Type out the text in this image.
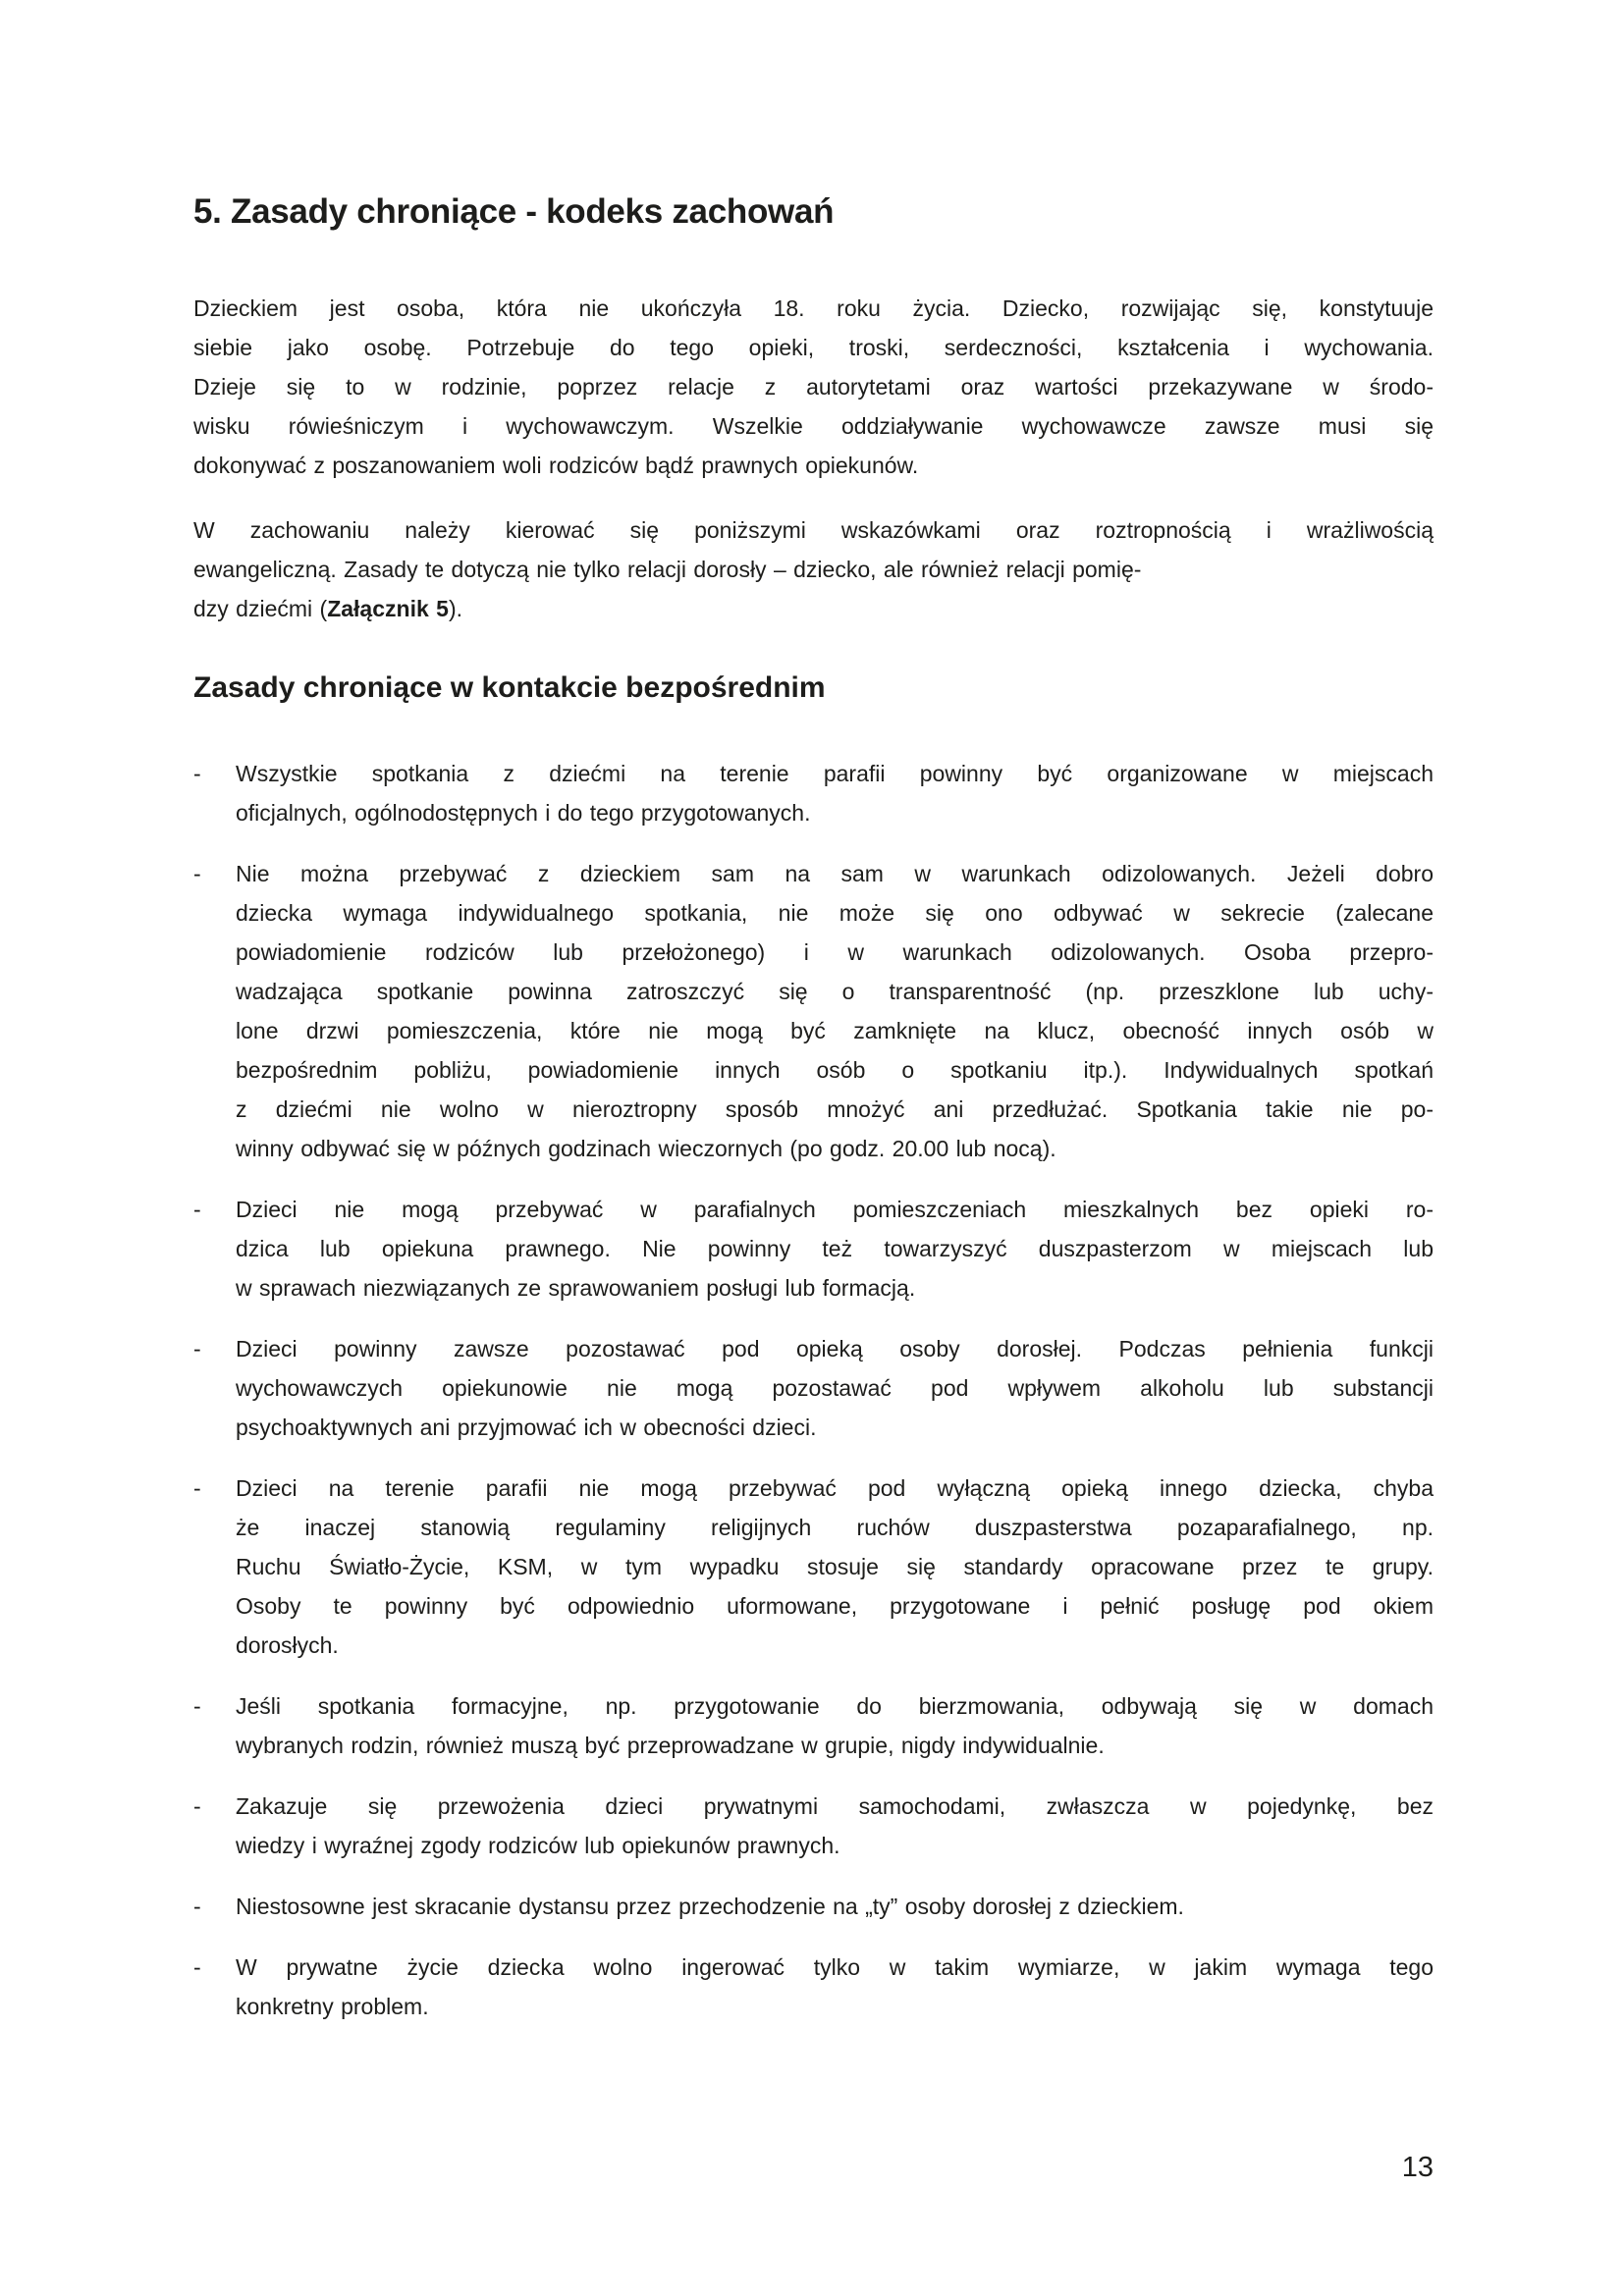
5. Zasady chroniące - kodeks zachowań
Dzieckiem jest osoba, która nie ukończyła 18. roku życia. Dziecko, rozwijając się, konstytuuje
siebie jako osobę. Potrzebuje do tego opieki, troski, serdeczności, kształcenia i wychowania.
Dzieje się to w rodzinie, poprzez relacje z autorytetami oraz wartości przekazywane w środo-
wisku rówieśniczym i wychowawczym. Wszelkie oddziaływanie wychowawcze zawsze musi się
dokonywać z poszanowaniem woli rodziców bądź prawnych opiekunów.
W zachowaniu należy kierować się poniższymi wskazówkami oraz roztropnością i wrażliwością
ewangeliczną. Zasady te dotyczą nie tylko relacji dorosły – dziecko, ale również relacji pomię-
dzy dziećmi (Załącznik 5).
Zasady chroniące w kontakcie bezpośrednim
-	Wszystkie spotkania z dziećmi na terenie parafii powinny być organizowane w miejscach
oficjalnych, ogólnodostępnych i do tego przygotowanych.
-	Nie można przebywać z dzieckiem sam na sam w warunkach odizolowanych. Jeżeli dobro
dziecka wymaga indywidualnego spotkania, nie może się ono odbywać w sekrecie (zalecane
powiadomienie rodziców lub przełożonego) i w warunkach odizolowanych. Osoba przepro-
wadzająca spotkanie powinna zatroszczyć się o transparentność (np. przeszklone lub uchy-
lone drzwi pomieszczenia, które nie mogą być zamknięte na klucz, obecność innych osób w
bezpośrednim pobliżu, powiadomienie innych osób o spotkaniu itp.). Indywidualnych spotkań
z dziećmi nie wolno w nieroztropny sposób mnożyć ani przedłużać. Spotkania takie nie po-
winny odbywać się w późnych godzinach wieczornych (po godz. 20.00 lub nocą).
-	Dzieci nie mogą przebywać w parafialnych pomieszczeniach mieszkalnych bez opieki ro-
dzica lub opiekuna prawnego. Nie powinny też towarzyszyć duszpasterzom w miejscach lub
w sprawach niezwiązanych ze sprawowaniem posługi lub formacją.
-	Dzieci powinny zawsze pozostawać pod opieką osoby dorosłej. Podczas pełnienia funkcji
wychowawczych opiekunowie nie mogą pozostawać pod wpływem alkoholu lub substancji
psychoaktywnych ani przyjmować ich w obecności dzieci.
-	Dzieci na terenie parafii nie mogą przebywać pod wyłączną opieką innego dziecka, chyba
że inaczej stanowią regulaminy religijnych ruchów duszpasterstwa pozaparafialnego, np.
Ruchu Światło-Życie, KSM, w tym wypadku stosuje się standardy opracowane przez te grupy.
Osoby te powinny być odpowiednio uformowane, przygotowane i pełnić posługę pod okiem
dorosłych.
-	Jeśli spotkania formacyjne, np. przygotowanie do bierzmowania, odbywają się w domach
wybranych rodzin, również muszą być przeprowadzane w grupie, nigdy indywidualnie.
-	Zakazuje się przewożenia dzieci prywatnymi samochodami, zwłaszcza w pojedynkę, bez
wiedzy i wyraźnej zgody rodziców lub opiekunów prawnych.
-	Niestosowne jest skracanie dystansu przez przechodzenie na „ty” osoby dorosłej z dzieckiem.
-	W prywatne życie dziecka wolno ingerować tylko w takim wymiarze, w jakim wymaga tego
konkretny problem.
13
